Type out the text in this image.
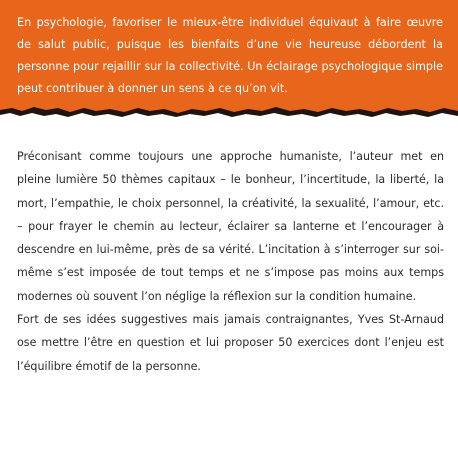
En psychologie, favoriser le mieux-être individuel équivaut à faire œuvre de salut public, puisque les bienfaits d’une vie heureuse débordent la personne pour rejaillir sur la collectivité. Un éclairage psychologique simple peut contribuer à donner un sens à ce qu’on vit.

Préconisant comme toujours une approche humaniste, l’auteur met en pleine lumière 50 thèmes capitaux – le bonheur, l’incertitude, la liberté, la mort, l’empathie, le choix personnel, la créativité, la sexualité, l’amour, etc. – pour frayer le chemin au lecteur, éclairer sa lanterne et l’encourager à descendre en lui-même, près de sa vérité. L’incitation à s’interroger sur soi-même s’est imposée de tout temps et ne s’impose pas moins aux temps modernes où souvent l’on néglige la réflexion sur la condition humaine.

Fort de ses idées suggestives mais jamais contraignantes, Yves St-Arnaud ose mettre l’être en question et lui proposer 50 exercices dont l’enjeu est l’équilibre émotif de la personne.
